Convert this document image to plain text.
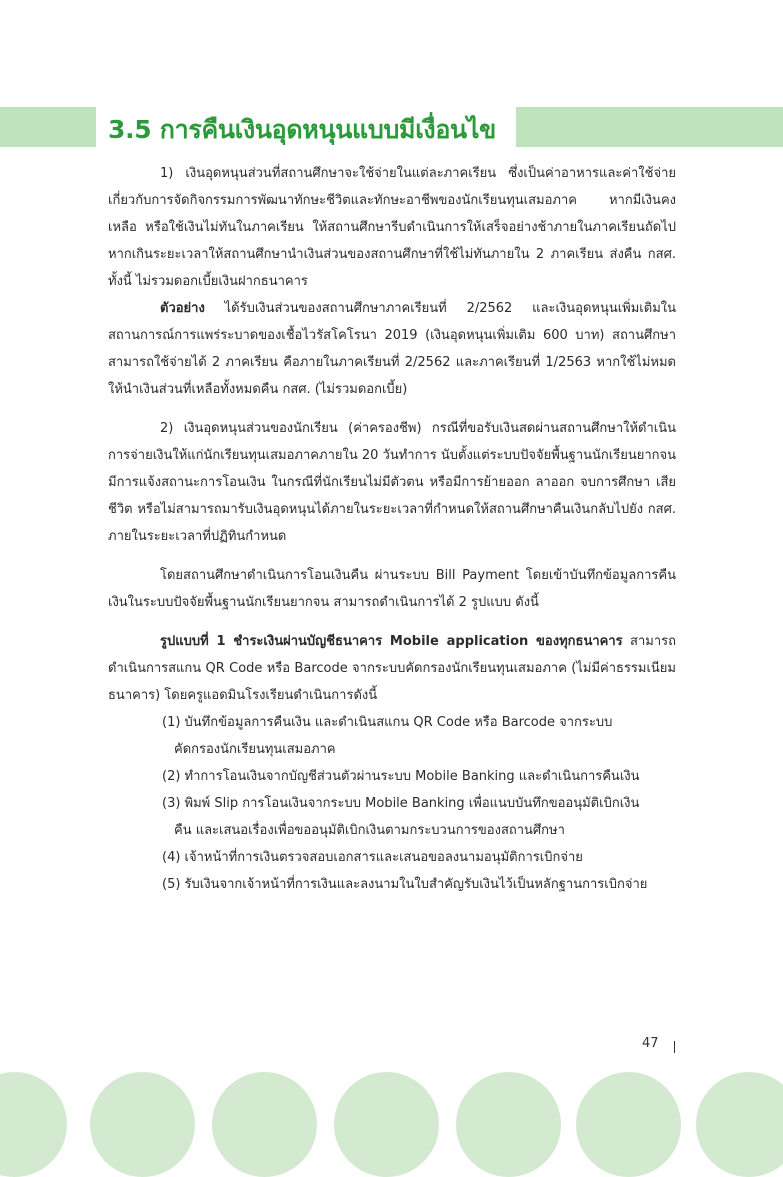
3.5 การคืนเงินอุดหนุนแบบมีเงื่อนไข

1) เงินอุดหนุนส่วนที่สถานศึกษาจะใช้จ่ายในแต่ละภาคเรียน ซึ่งเป็นค่าอาหารและค่าใช้จ่ายเกี่ยวกับการจัดกิจกรรมการพัฒนาทักษะชีวิตและทักษะอาชีพของนักเรียนทุนเสมอภาค หากมีเงินคงเหลือ หรือใช้เงินไม่ทันในภาคเรียน ให้สถานศึกษารีบดำเนินการให้เสร็จอย่างช้าภายในภาคเรียนถัดไป หากเกินระยะเวลาให้สถานศึกษานำเงินส่วนของสถานศึกษาที่ใช้ไม่ทันภายใน 2 ภาคเรียน ส่งคืน กสศ. ทั้งนี้ ไม่รวมดอกเบี้ยเงินฝากธนาคาร

ตัวอย่าง ได้รับเงินส่วนของสถานศึกษาภาคเรียนที่ 2/2562 และเงินอุดหนุนเพิ่มเติมในสถานการณ์การแพร่ระบาดของเชื้อไวรัสโคโรนา 2019 (เงินอุดหนุนเพิ่มเติม 600 บาท) สถานศึกษาสามารถใช้จ่ายได้ 2 ภาคเรียน คือภายในภาคเรียนที่ 2/2562 และภาคเรียนที่ 1/2563 หากใช้ไม่หมดให้นำเงินส่วนที่เหลือทั้งหมดคืน กสศ. (ไม่รวมดอกเบี้ย)

2) เงินอุดหนุนส่วนของนักเรียน (ค่าครองชีพ) กรณีที่ขอรับเงินสดผ่านสถานศึกษาให้ดำเนินการจ่ายเงินให้แก่นักเรียนทุนเสมอภาคภายใน 20 วันทำการ นับตั้งแต่ระบบปัจจัยพื้นฐานนักเรียนยากจน มีการแจ้งสถานะการโอนเงิน ในกรณีที่นักเรียนไม่มีตัวตน หรือมีการย้ายออก ลาออก จบการศึกษา เสียชีวิต หรือไม่สามารถมารับเงินอุดหนุนได้ภายในระยะเวลาที่กำหนดให้สถานศึกษาคืนเงินกลับไปยัง กสศ. ภายในระยะเวลาที่ปฏิทินกำหนด

โดยสถานศึกษาดำเนินการโอนเงินคืน ผ่านระบบ Bill Payment โดยเข้าบันทึกข้อมูลการคืนเงินในระบบปัจจัยพื้นฐานนักเรียนยากจน สามารถดำเนินการได้ 2 รูปแบบ ดังนี้

รูปแบบที่ 1 ชำระเงินผ่านบัญชีธนาคาร Mobile application ของทุกธนาคาร สามารถดำเนินการสแกน QR Code หรือ Barcode จากระบบคัดกรองนักเรียนทุนเสมอภาค (ไม่มีค่าธรรมเนียมธนาคาร) โดยครูแอดมินโรงเรียนดำเนินการดังนี้

(1) บันทึกข้อมูลการคืนเงิน และดำเนินสแกน QR Code หรือ Barcode จากระบบ
คัดกรองนักเรียนทุนเสมอภาค
(2) ทำการโอนเงินจากบัญชีส่วนตัวผ่านระบบ Mobile Banking และดำเนินการคืนเงิน
(3) พิมพ์ Slip การโอนเงินจากระบบ Mobile Banking เพื่อแนบบันทึกขออนุมัติเบิกเงิน
คืน และเสนอเรื่องเพื่อขออนุมัติเบิกเงินตามกระบวนการของสถานศึกษา
(4) เจ้าหน้าที่การเงินตรวจสอบเอกสารและเสนอขอลงนามอนุมัติการเบิกจ่าย
(5) รับเงินจากเจ้าหน้าที่การเงินและลงนามในใบสำคัญรับเงินไว้เป็นหลักฐานการเบิกจ่าย
47
